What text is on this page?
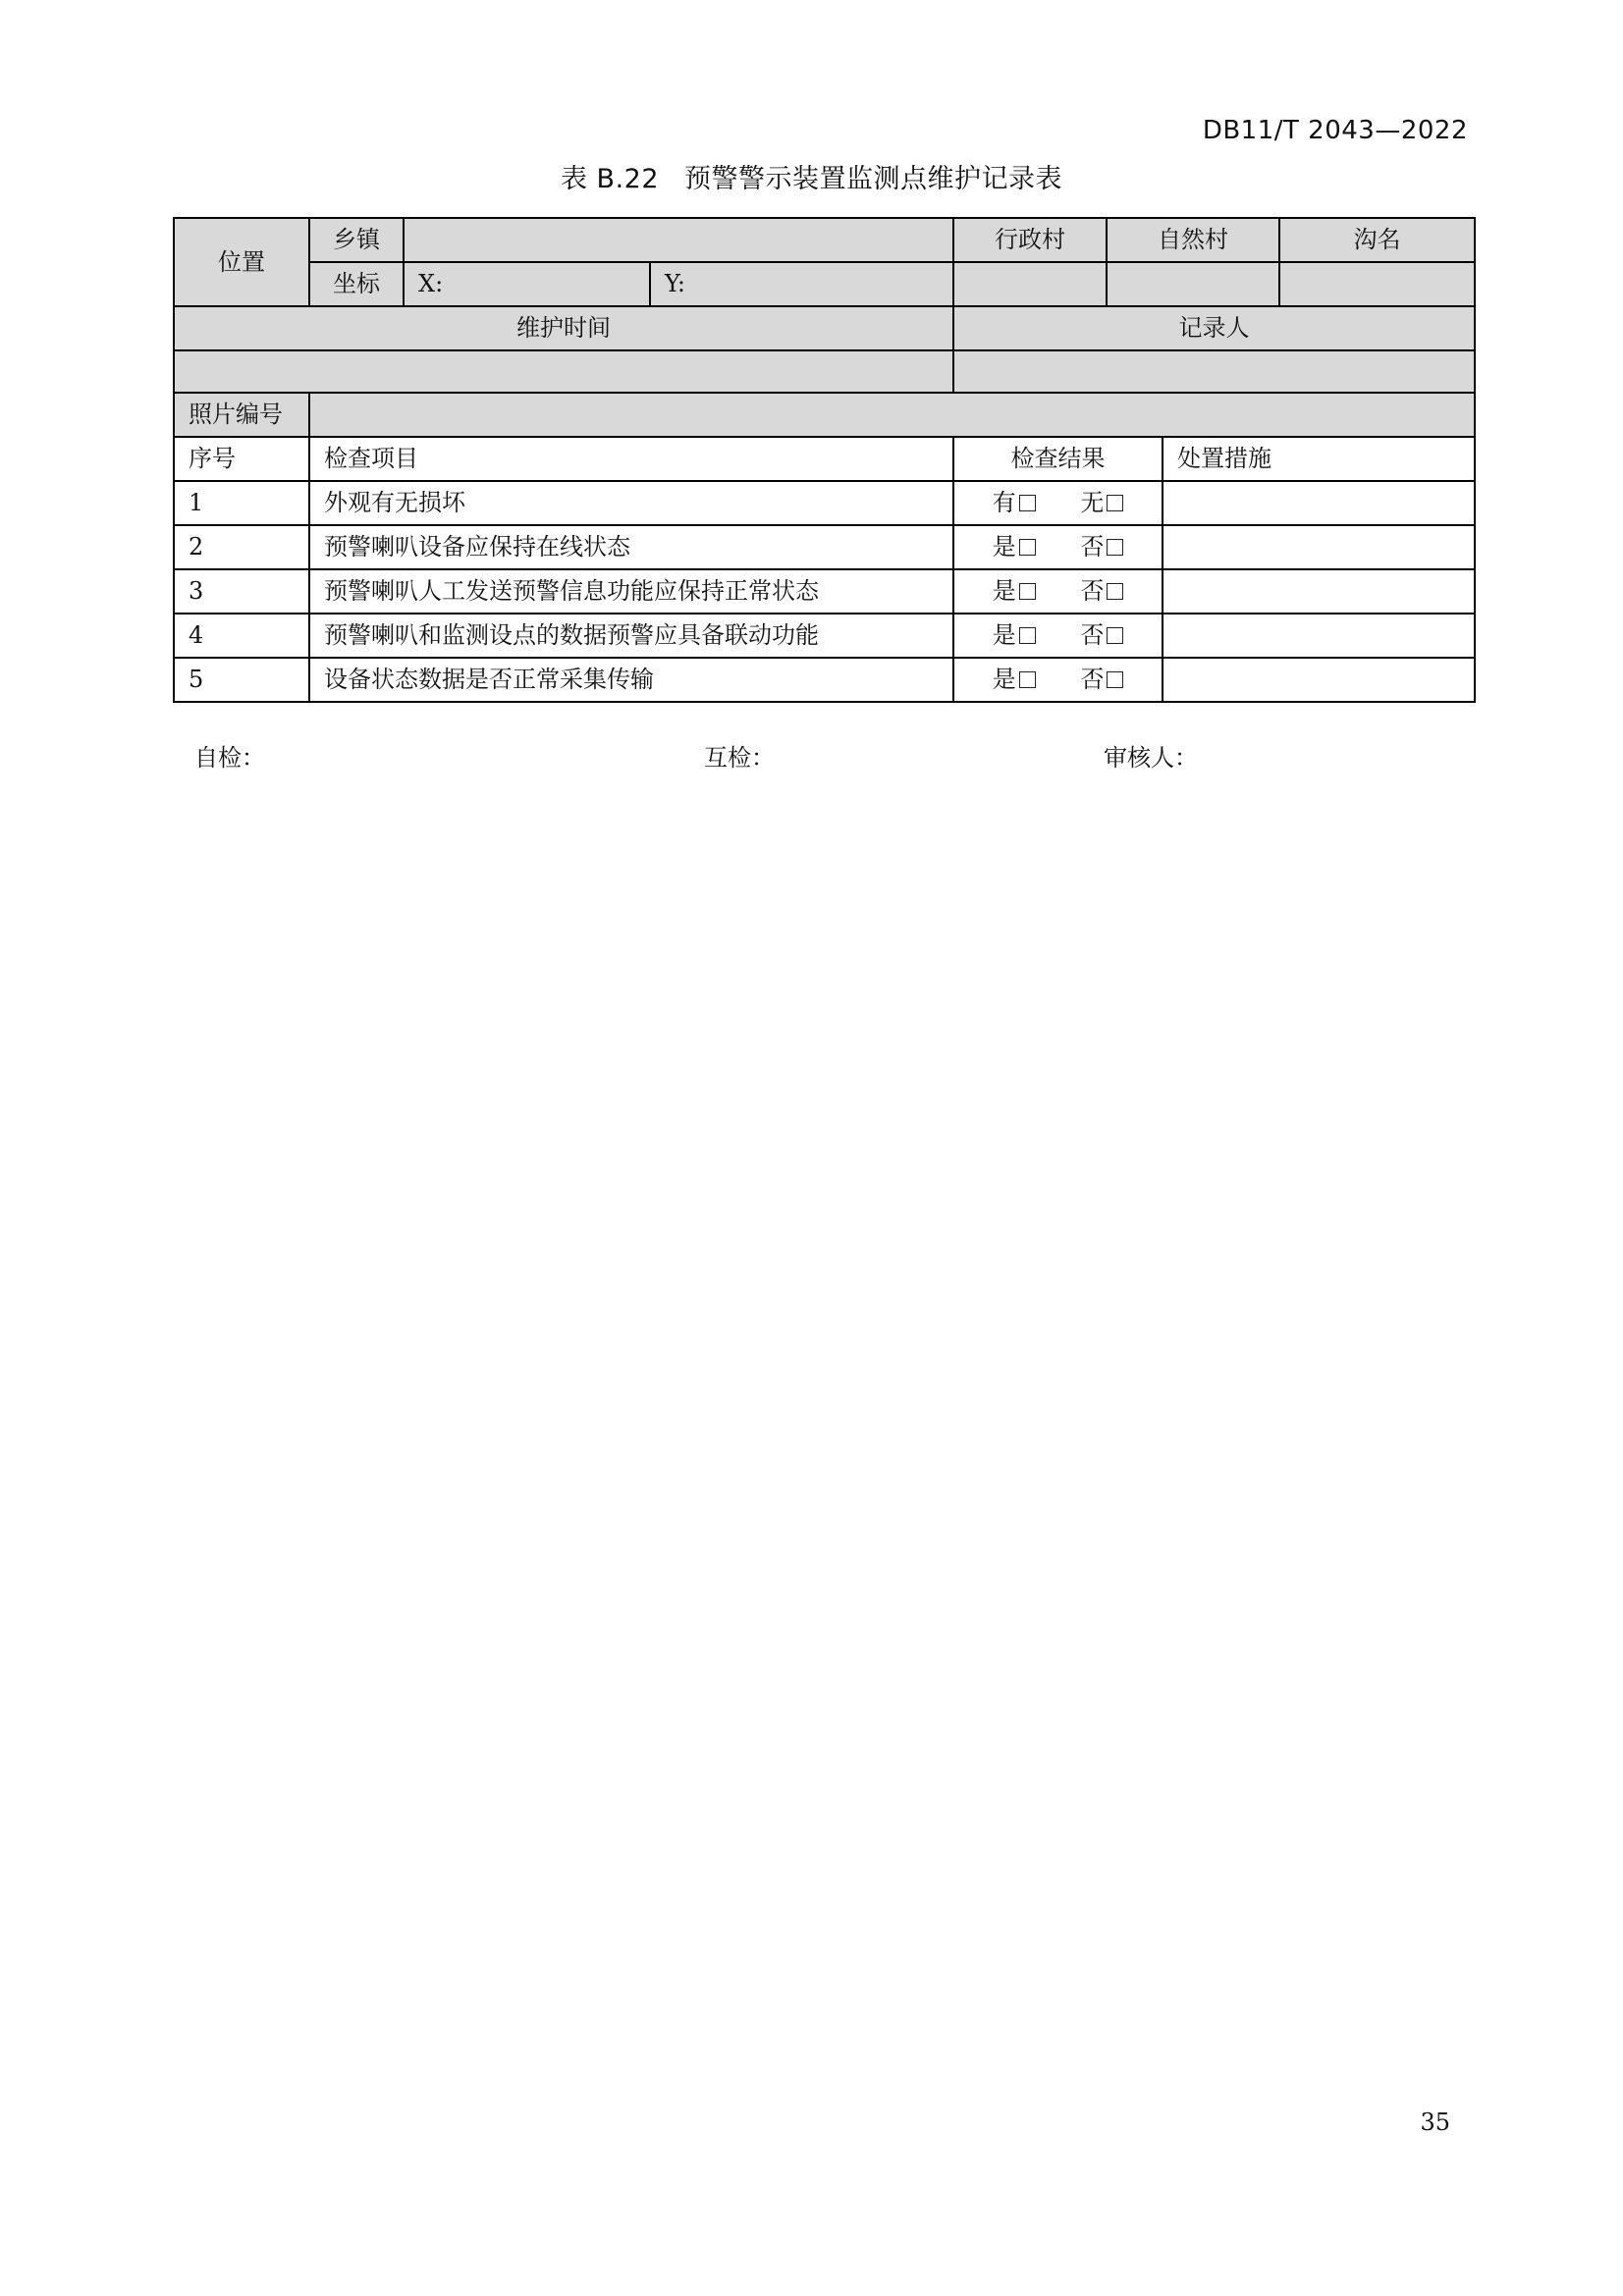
DB11/T 2043—2022
表 B.22 预警警示装置监测点维护记录表
位置	乡镇			行政村	自然村		沟名
	坐标	X:	Y:				
维护时间				记录人			

照片编号							
序号	检查项目			检查结果		处置措施	
1	外观有无损坏			有 无			
2	预警喇叭设备应保持在线状态			是 否			
3	预警喇叭人工发送预警信息功能应保持正常状态			是 否			
4	预警喇叭和监测设点的数据预警应具备联动功能			是 否			
5	设备状态数据是否正常采集传输			是 否			
自检：	互检：	审核人：
35
